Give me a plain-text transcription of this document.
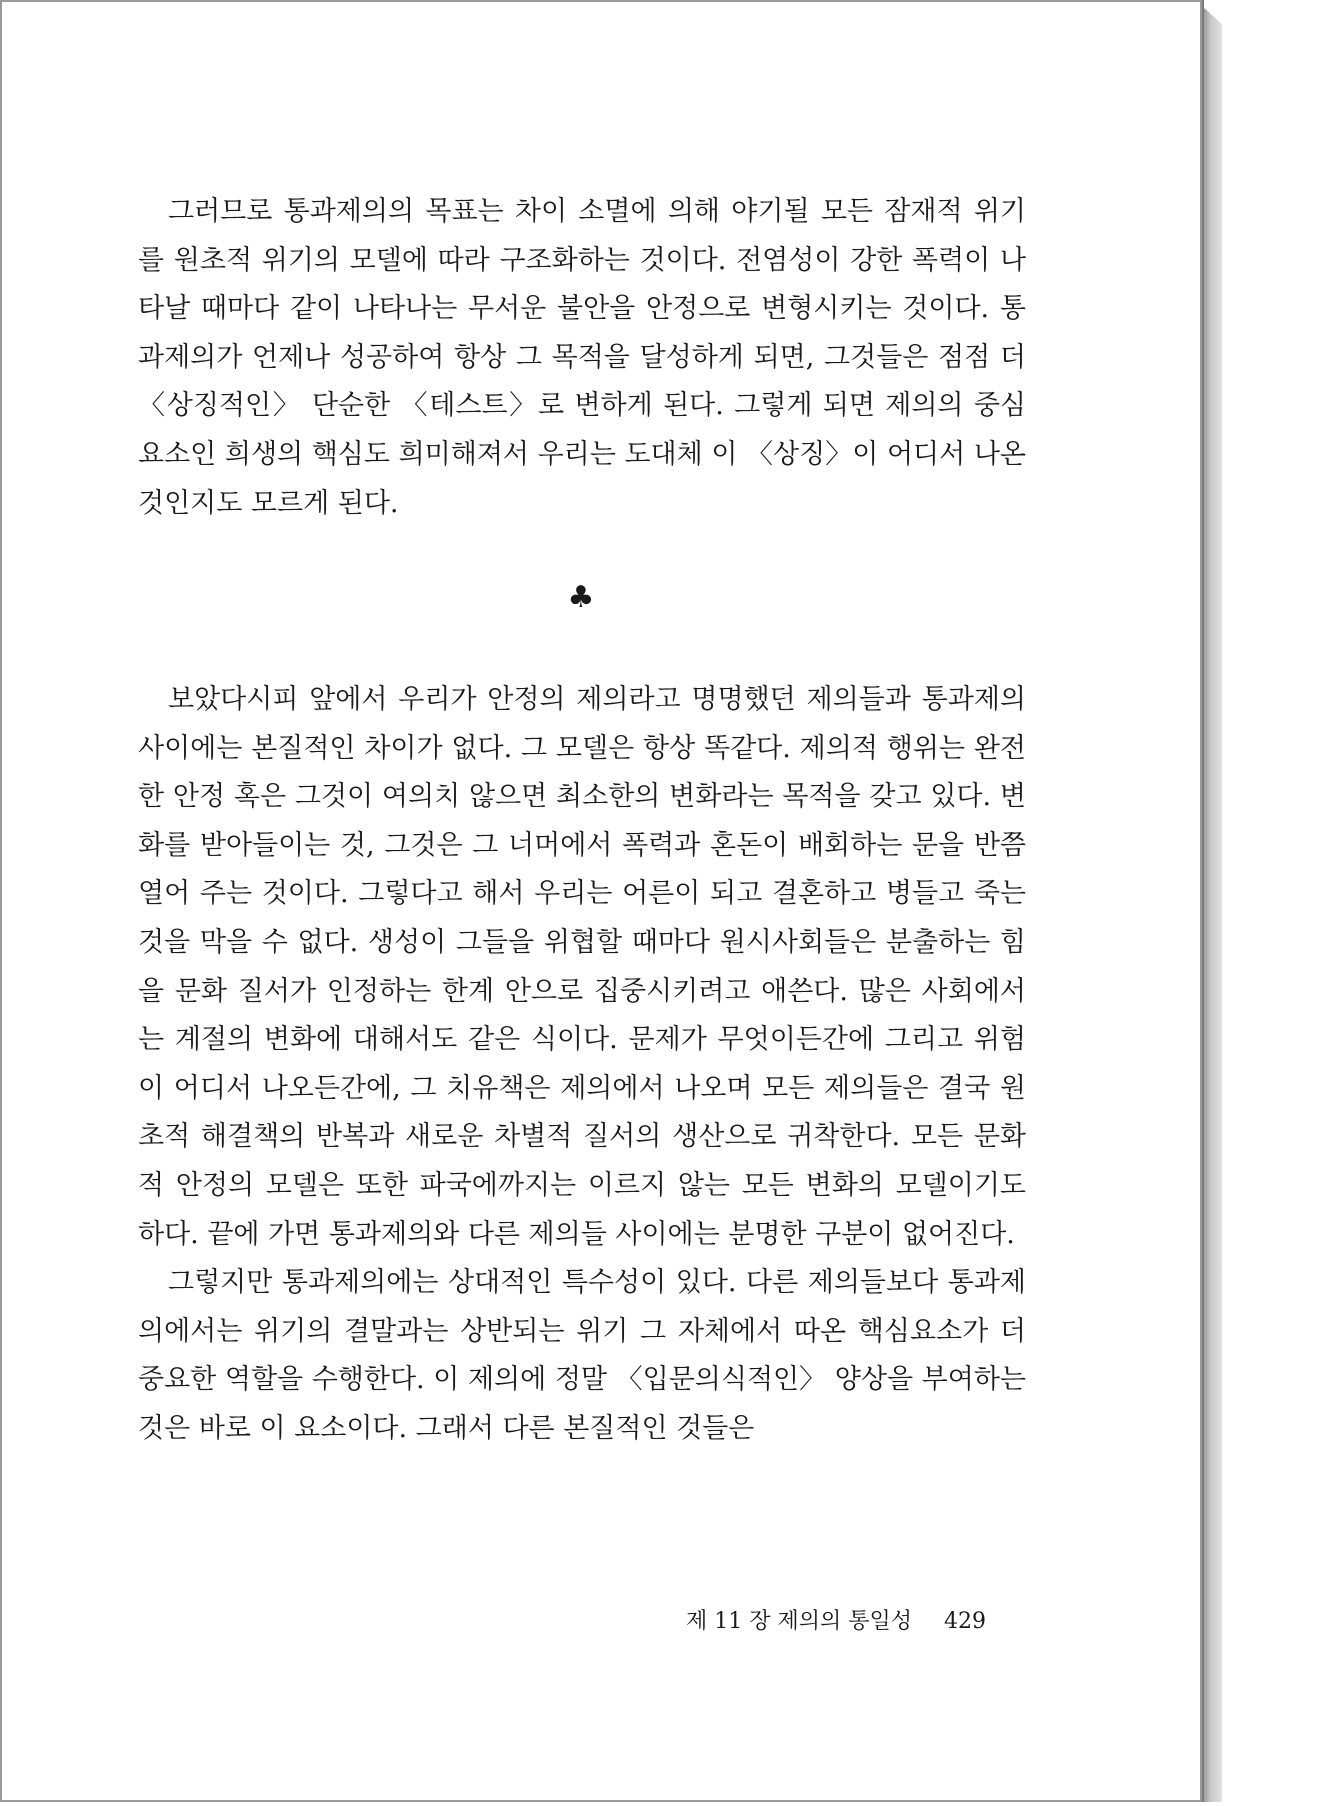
그러므로 통과제의의 목표는 차이 소멸에 의해 야기될 모든 잠재적 위기를 원초적 위기의 모델에 따라 구조화하는 것이다. 전염성이 강한 폭력이 나타날 때마다 같이 나타나는 무서운 불안을 안정으로 변형시키는 것이다. 통과제의가 언제나 성공하여 항상 그 목적을 달성하게 되면, 그것들은 점점 더 〈상징적인〉 단순한 〈테스트〉로 변하게 된다. 그렇게 되면 제의의 중심요소인 희생의 핵심도 희미해져서 우리는 도대체 이 〈상징〉이 어디서 나온것인지도 모르게 된다.

♣

보았다시피 앞에서 우리가 안정의 제의라고 명명했던 제의들과 통과제의 사이에는 본질적인 차이가 없다. 그 모델은 항상 똑같다. 제의적 행위는 완전한 안정 혹은 그것이 여의치 않으면 최소한의 변화라는 목적을 갖고 있다. 변화를 받아들이는 것, 그것은 그 너머에서 폭력과 혼돈이 배회하는 문을 반쯤 열어 주는 것이다. 그렇다고 해서 우리는 어른이 되고 결혼하고 병들고 죽는 것을 막을 수 없다. 생성이 그들을 위협할 때마다 원시사회들은 분출하는 힘을 문화 질서가 인정하는 한계 안으로 집중시키려고 애쓴다. 많은 사회에서는 계절의 변화에 대해서도 같은 식이다. 문제가 무엇이든간에 그리고 위험이 어디서 나오든간에, 그 치유책은 제의에서 나오며 모든 제의들은 결국 원초적 해결책의 반복과 새로운 차별적 질서의 생산으로 귀착한다. 모든 문화적 안정의 모델은 또한 파국에까지는 이르지 않는 모든 변화의 모델이기도 하다. 끝에 가면 통과제의와 다른 제의들 사이에는 분명한 구분이 없어진다.

그렇지만 통과제의에는 상대적인 특수성이 있다. 다른 제의들보다 통과제의에서는 위기의 결말과는 상반되는 위기 그 자체에서 따온 핵심요소가 더 중요한 역할을 수행한다. 이 제의에 정말 〈입문의식적인〉 양상을 부여하는 것은 바로 이 요소이다. 그래서 다른 본질적인 것들은

제 11 장 제의의 통일성 429
